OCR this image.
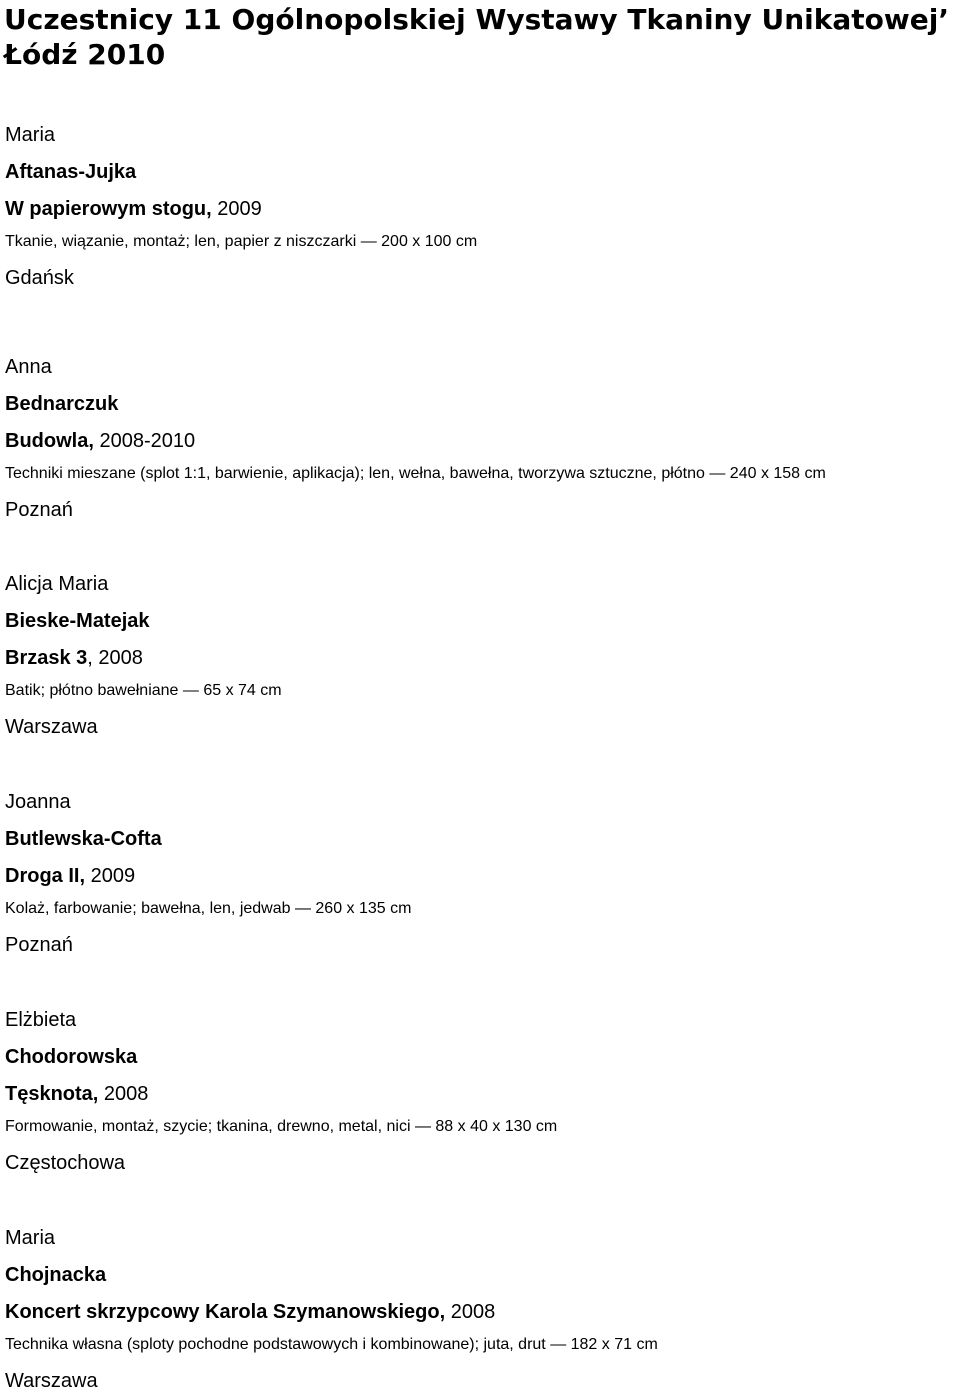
Uczestnicy 11 Ogólnopolskiej Wystawy Tkaniny Unikatowej’ Łódź 2010
Maria
Aftanas-Jujka
W papierowym stogu, 2009
Tkanie, wiązanie, montaż; len, papier z niszczarki — 200 x 100 cm
Gdańsk
Anna
Bednarczuk
Budowla, 2008-2010
Techniki mieszane (splot 1:1, barwienie, aplikacja); len, wełna, bawełna, tworzywa sztuczne, płótno — 240 x 158 cm
Poznań
Alicja Maria
Bieske-Matejak
Brzask 3, 2008
Batik; płótno bawełniane — 65 x 74 cm
Warszawa
Joanna
Butlewska-Cofta
Droga II, 2009
Kolaż, farbowanie; bawełna, len, jedwab — 260 x 135 cm
Poznań
Elżbieta
Chodorowska
Tęsknota, 2008
Formowanie, montaż, szycie; tkanina, drewno, metal, nici — 88 x 40 x 130 cm
Częstochowa
Maria
Chojnacka
Koncert skrzypcowy Karola Szymanowskiego, 2008
Technika własna (sploty pochodne podstawowych i kombinowane); juta, drut — 182 x 71 cm
Warszawa
